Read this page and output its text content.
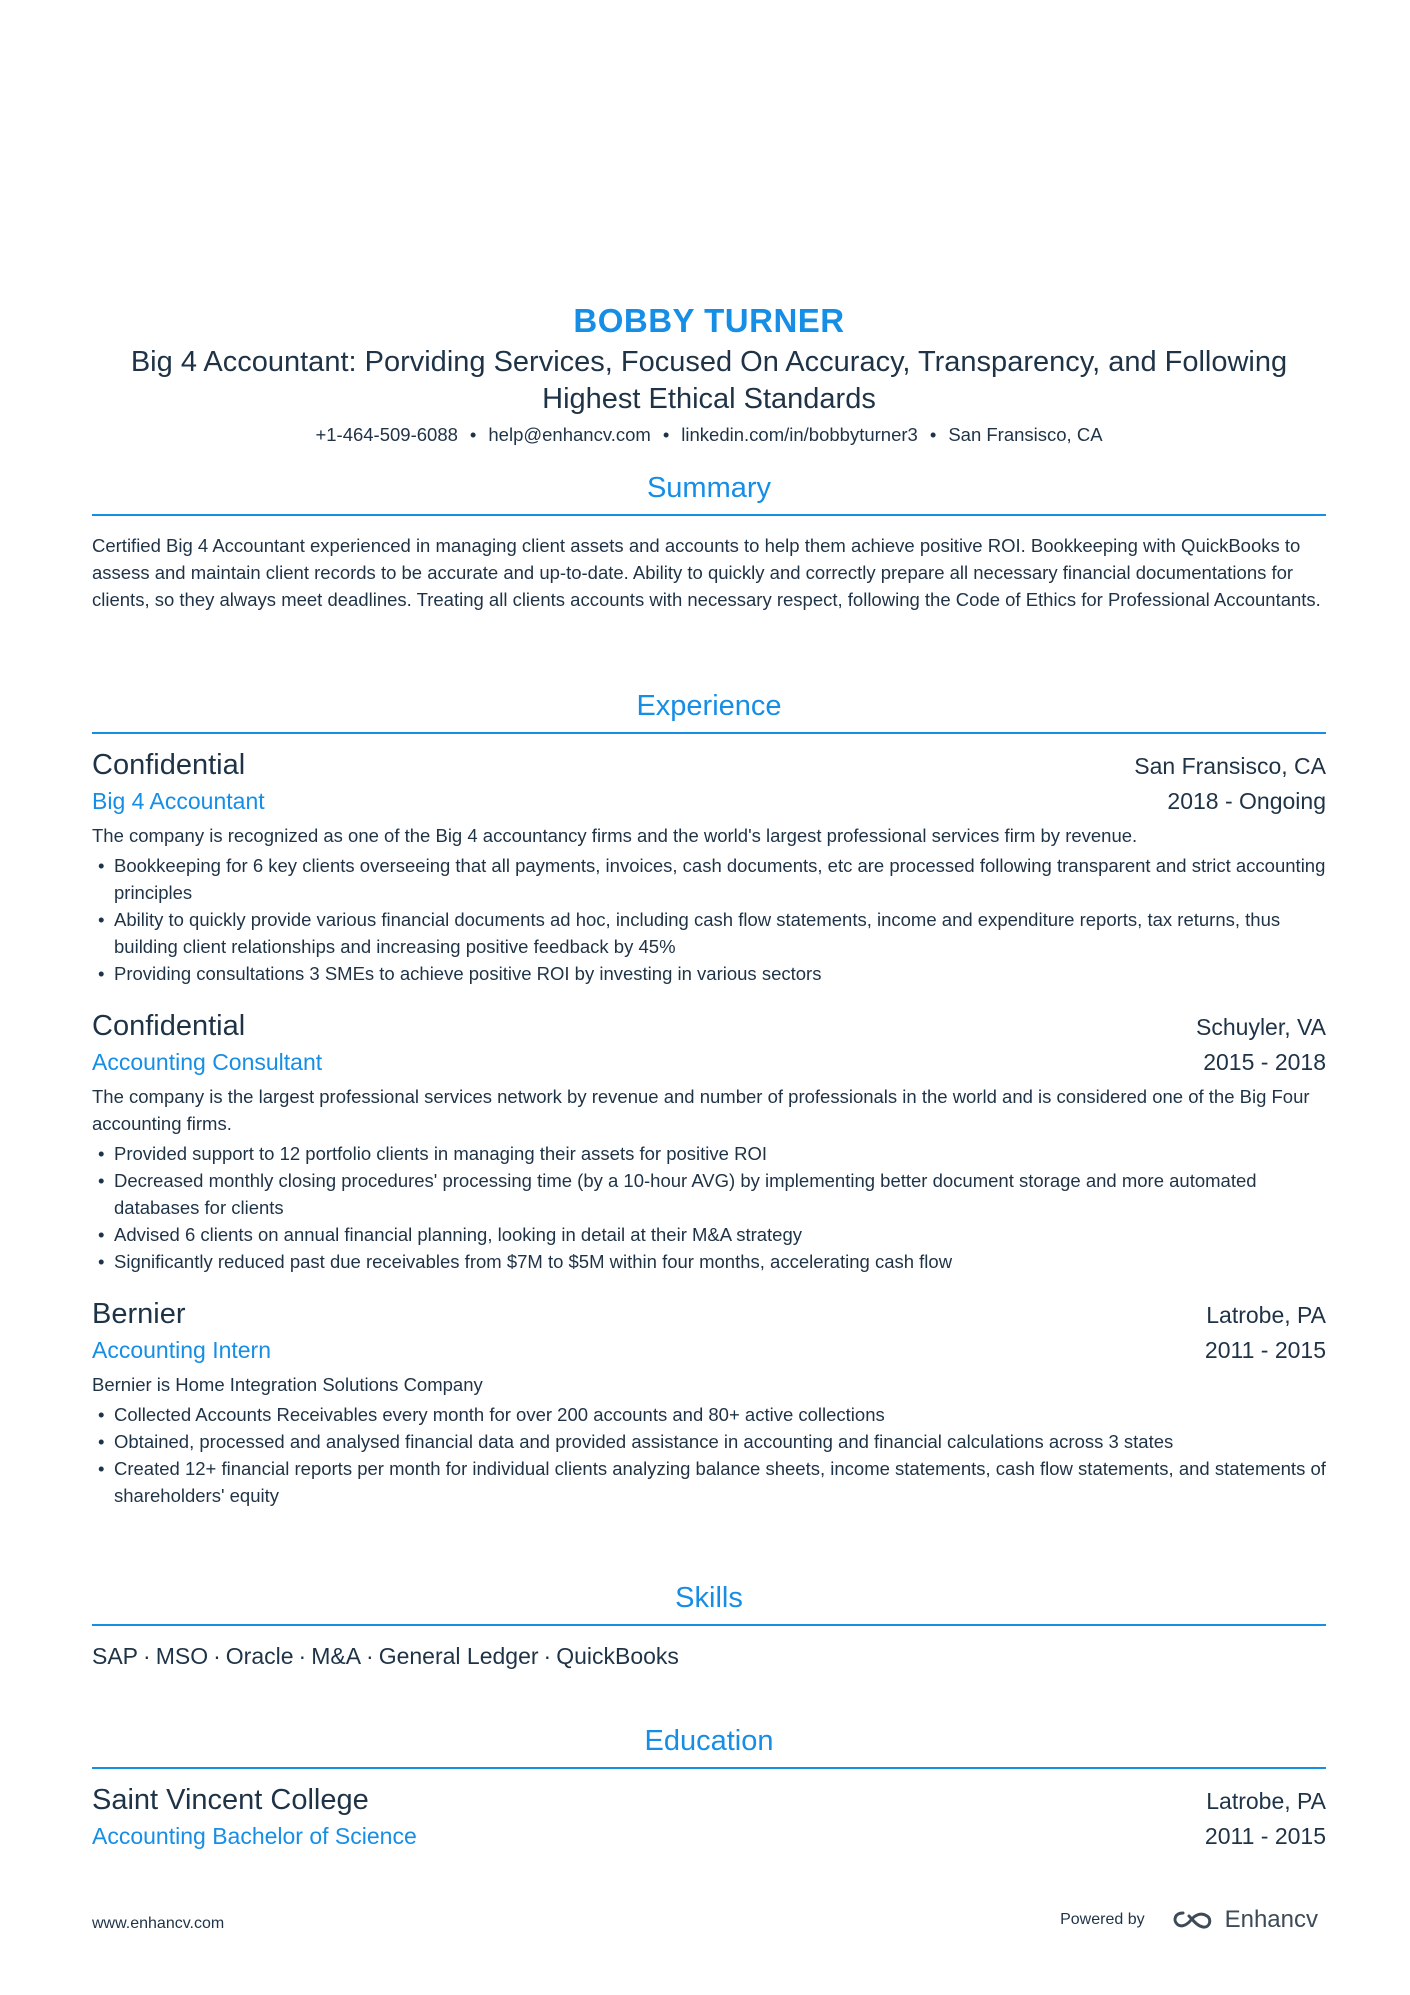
BOBBY TURNER
Big 4 Accountant: Porviding Services, Focused On Accuracy, Transparency, and Following Highest Ethical Standards
+1-464-509-6088 • help@enhancv.com • linkedin.com/in/bobbyturner3 • San Fransisco, CA
Summary
Certified Big 4 Accountant experienced in managing client assets and accounts to help them achieve positive ROI. Bookkeeping with QuickBooks to assess and maintain client records to be accurate and up-to-date. Ability to quickly and correctly prepare all necessary financial documentations for clients, so they always meet deadlines. Treating all clients accounts with necessary respect, following the Code of Ethics for Professional Accountants.
Experience
Confidential	San Fransisco, CA
Big 4 Accountant	2018 - Ongoing
The company is recognized as one of the Big 4 accountancy firms and the world's largest professional services firm by revenue.
• Bookkeeping for 6 key clients overseeing that all payments, invoices, cash documents, etc are processed following transparent and strict accounting principles
• Ability to quickly provide various financial documents ad hoc, including cash flow statements, income and expenditure reports, tax returns, thus building client relationships and increasing positive feedback by 45%
• Providing consultations 3 SMEs to achieve positive ROI by investing in various sectors
Confidential	Schuyler, VA
Accounting Consultant	2015 - 2018
The company is the largest professional services network by revenue and number of professionals in the world and is considered one of the Big Four accounting firms.
• Provided support to 12 portfolio clients in managing their assets for positive ROI
• Decreased monthly closing procedures' processing time (by a 10-hour AVG) by implementing better document storage and more automated databases for clients
• Advised 6 clients on annual financial planning, looking in detail at their M&A strategy
• Significantly reduced past due receivables from $7M to $5M within four months, accelerating cash flow
Bernier	Latrobe, PA
Accounting Intern	2011 - 2015
Bernier is Home Integration Solutions Company
• Collected Accounts Receivables every month for over 200 accounts and 80+ active collections
• Obtained, processed and analysed financial data and provided assistance in accounting and financial calculations across 3 states
• Created 12+ financial reports per month for individual clients analyzing balance sheets, income statements, cash flow statements, and statements of shareholders' equity
Skills
SAP · MSO · Oracle · M&A · General Ledger · QuickBooks
Education
Saint Vincent College	Latrobe, PA
Accounting Bachelor of Science	2011 - 2015
www.enhancv.com	Powered by	Enhancv
